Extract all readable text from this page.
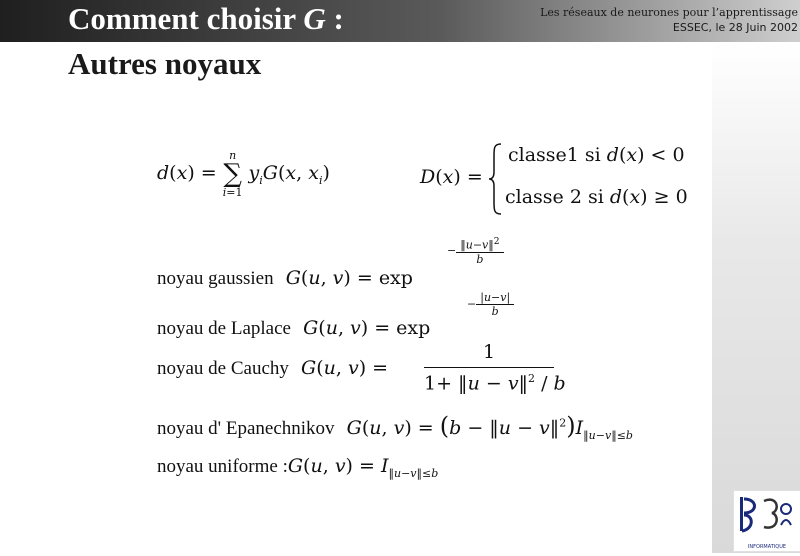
Comment choisir G :
Autres noyaux
Les réseaux de neurones pour l’apprentissage
ESSEC, le 28 Juin 2002
d(x) =
n
∑
i=1
$y_iG(x$, $x_i$)	D(x) =
classe1 si d(x) < 0
classe 2 si d(x) ≥ 0
noyau gaussien G(u, v) = exp
− $\frac{‖u-v‖^2}{b}$
noyau de Laplace G(u, v) = exp
− $\frac{|u-v|}{b}$
noyau de Cauchy G(u, v) =
1
1+ ‖u − v‖$^2$ / b
noyau d' Epanechnikov G(u, v) = (b − ‖u − $v‖^2)I_{‖u-v‖\le b}$
noyau uniforme :G(u, $v) = I_{‖u-v‖\le b}$
INFORMATIQUE
